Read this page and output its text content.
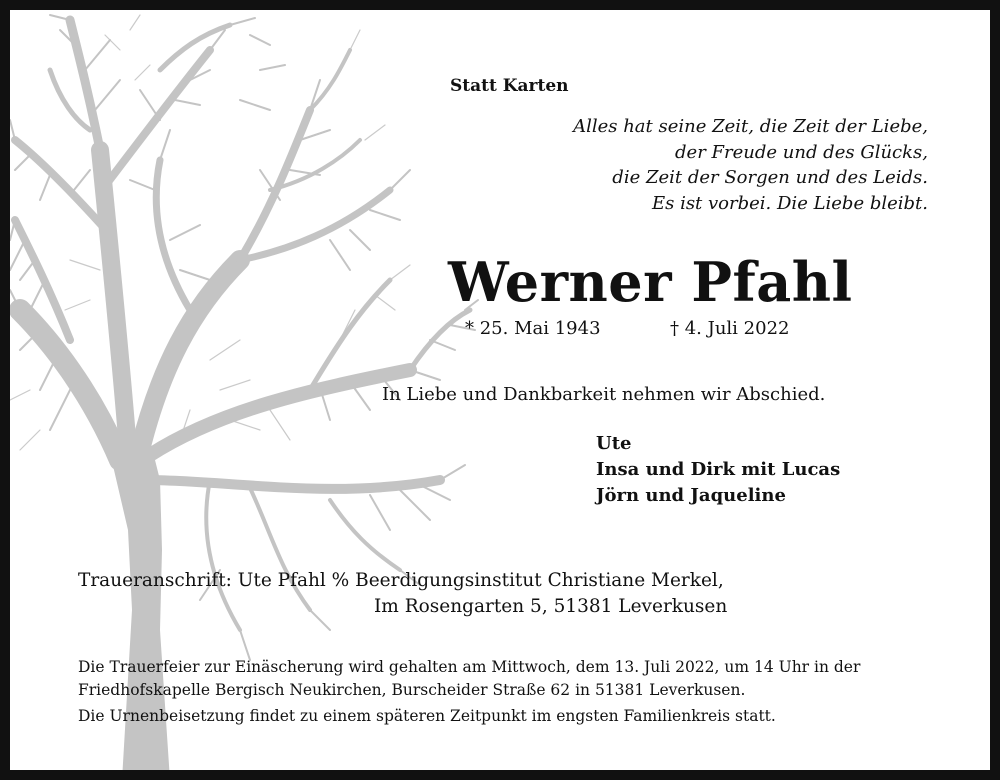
Statt Karten
Alles hat seine Zeit, die Zeit der Liebe,
der Freude und des Glücks,
die Zeit der Sorgen und des Leids.
Es ist vorbei. Die Liebe bleibt.
Werner Pfahl
* 25. Mai 1943	† 4. Juli 2022
In Liebe und Dankbarkeit nehmen wir Abschied.
Ute
Insa und Dirk mit Lucas
Jörn und Jaqueline
Traueranschrift: Ute Pfahl % Beerdigungsinstitut Christiane Merkel,
Im Rosengarten 5, 51381 Leverkusen

Die Trauerfeier zur Einäscherung wird gehalten am Mittwoch, dem 13. Juli 2022, um 14 Uhr in der Friedhofskapelle Bergisch Neukirchen, Burscheider Straße 62 in 51381 Leverkusen.

Die Urnenbeisetzung findet zu einem späteren Zeitpunkt im engsten Familienkreis statt.
